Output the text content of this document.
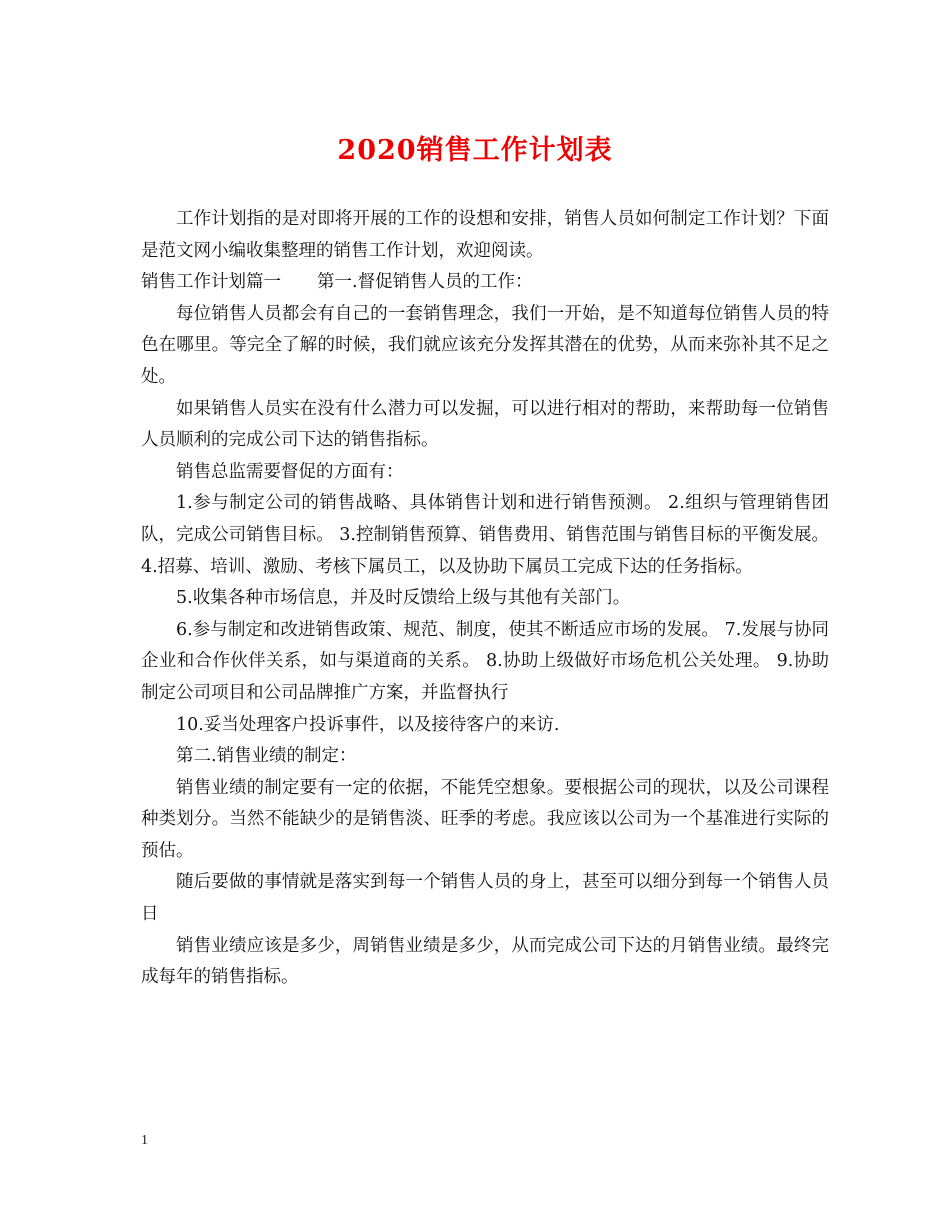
2020销售工作计划表

工作计划指的是对即将开展的工作的设想和安排，销售人员如何制定工作计划？下面是范文网小编收集整理的销售工作计划，欢迎阅读。

销售工作计划篇一 第一.督促销售人员的工作：

每位销售人员都会有自己的一套销售理念，我们一开始，是不知道每位销售人员的特色在哪里。等完全了解的时候，我们就应该充分发挥其潜在的优势，从而来弥补其不足之处。

如果销售人员实在没有什么潜力可以发掘，可以进行相对的帮助，来帮助每一位销售人员顺利的完成公司下达的销售指标。

销售总监需要督促的方面有：

1.参与制定公司的销售战略、具体销售计划和进行销售预测。 2.组织与管理销售团队，完成公司销售目标。 3.控制销售预算、销售费用、销售范围与销售目标的平衡发展。 4.招募、培训、激励、考核下属员工，以及协助下属员工完成下达的任务指标。

5.收集各种市场信息，并及时反馈给上级与其他有关部门。

6.参与制定和改进销售政策、规范、制度，使其不断适应市场的发展。 7.发展与协同企业和合作伙伴关系，如与渠道商的关系。 8.协助上级做好市场危机公关处理。 9.协助制定公司项目和公司品牌推广方案，并监督执行

10.妥当处理客户投诉事件，以及接待客户的来访.

第二.销售业绩的制定：

销售业绩的制定要有一定的依据，不能凭空想象。要根据公司的现状，以及公司课程种类划分。当然不能缺少的是销售淡、旺季的考虑。我应该以公司为一个基准进行实际的预估。

随后要做的事情就是落实到每一个销售人员的身上，甚至可以细分到每一个销售人员日

销售业绩应该是多少，周销售业绩是多少，从而完成公司下达的月销售业绩。最终完成每年的销售指标。

1
